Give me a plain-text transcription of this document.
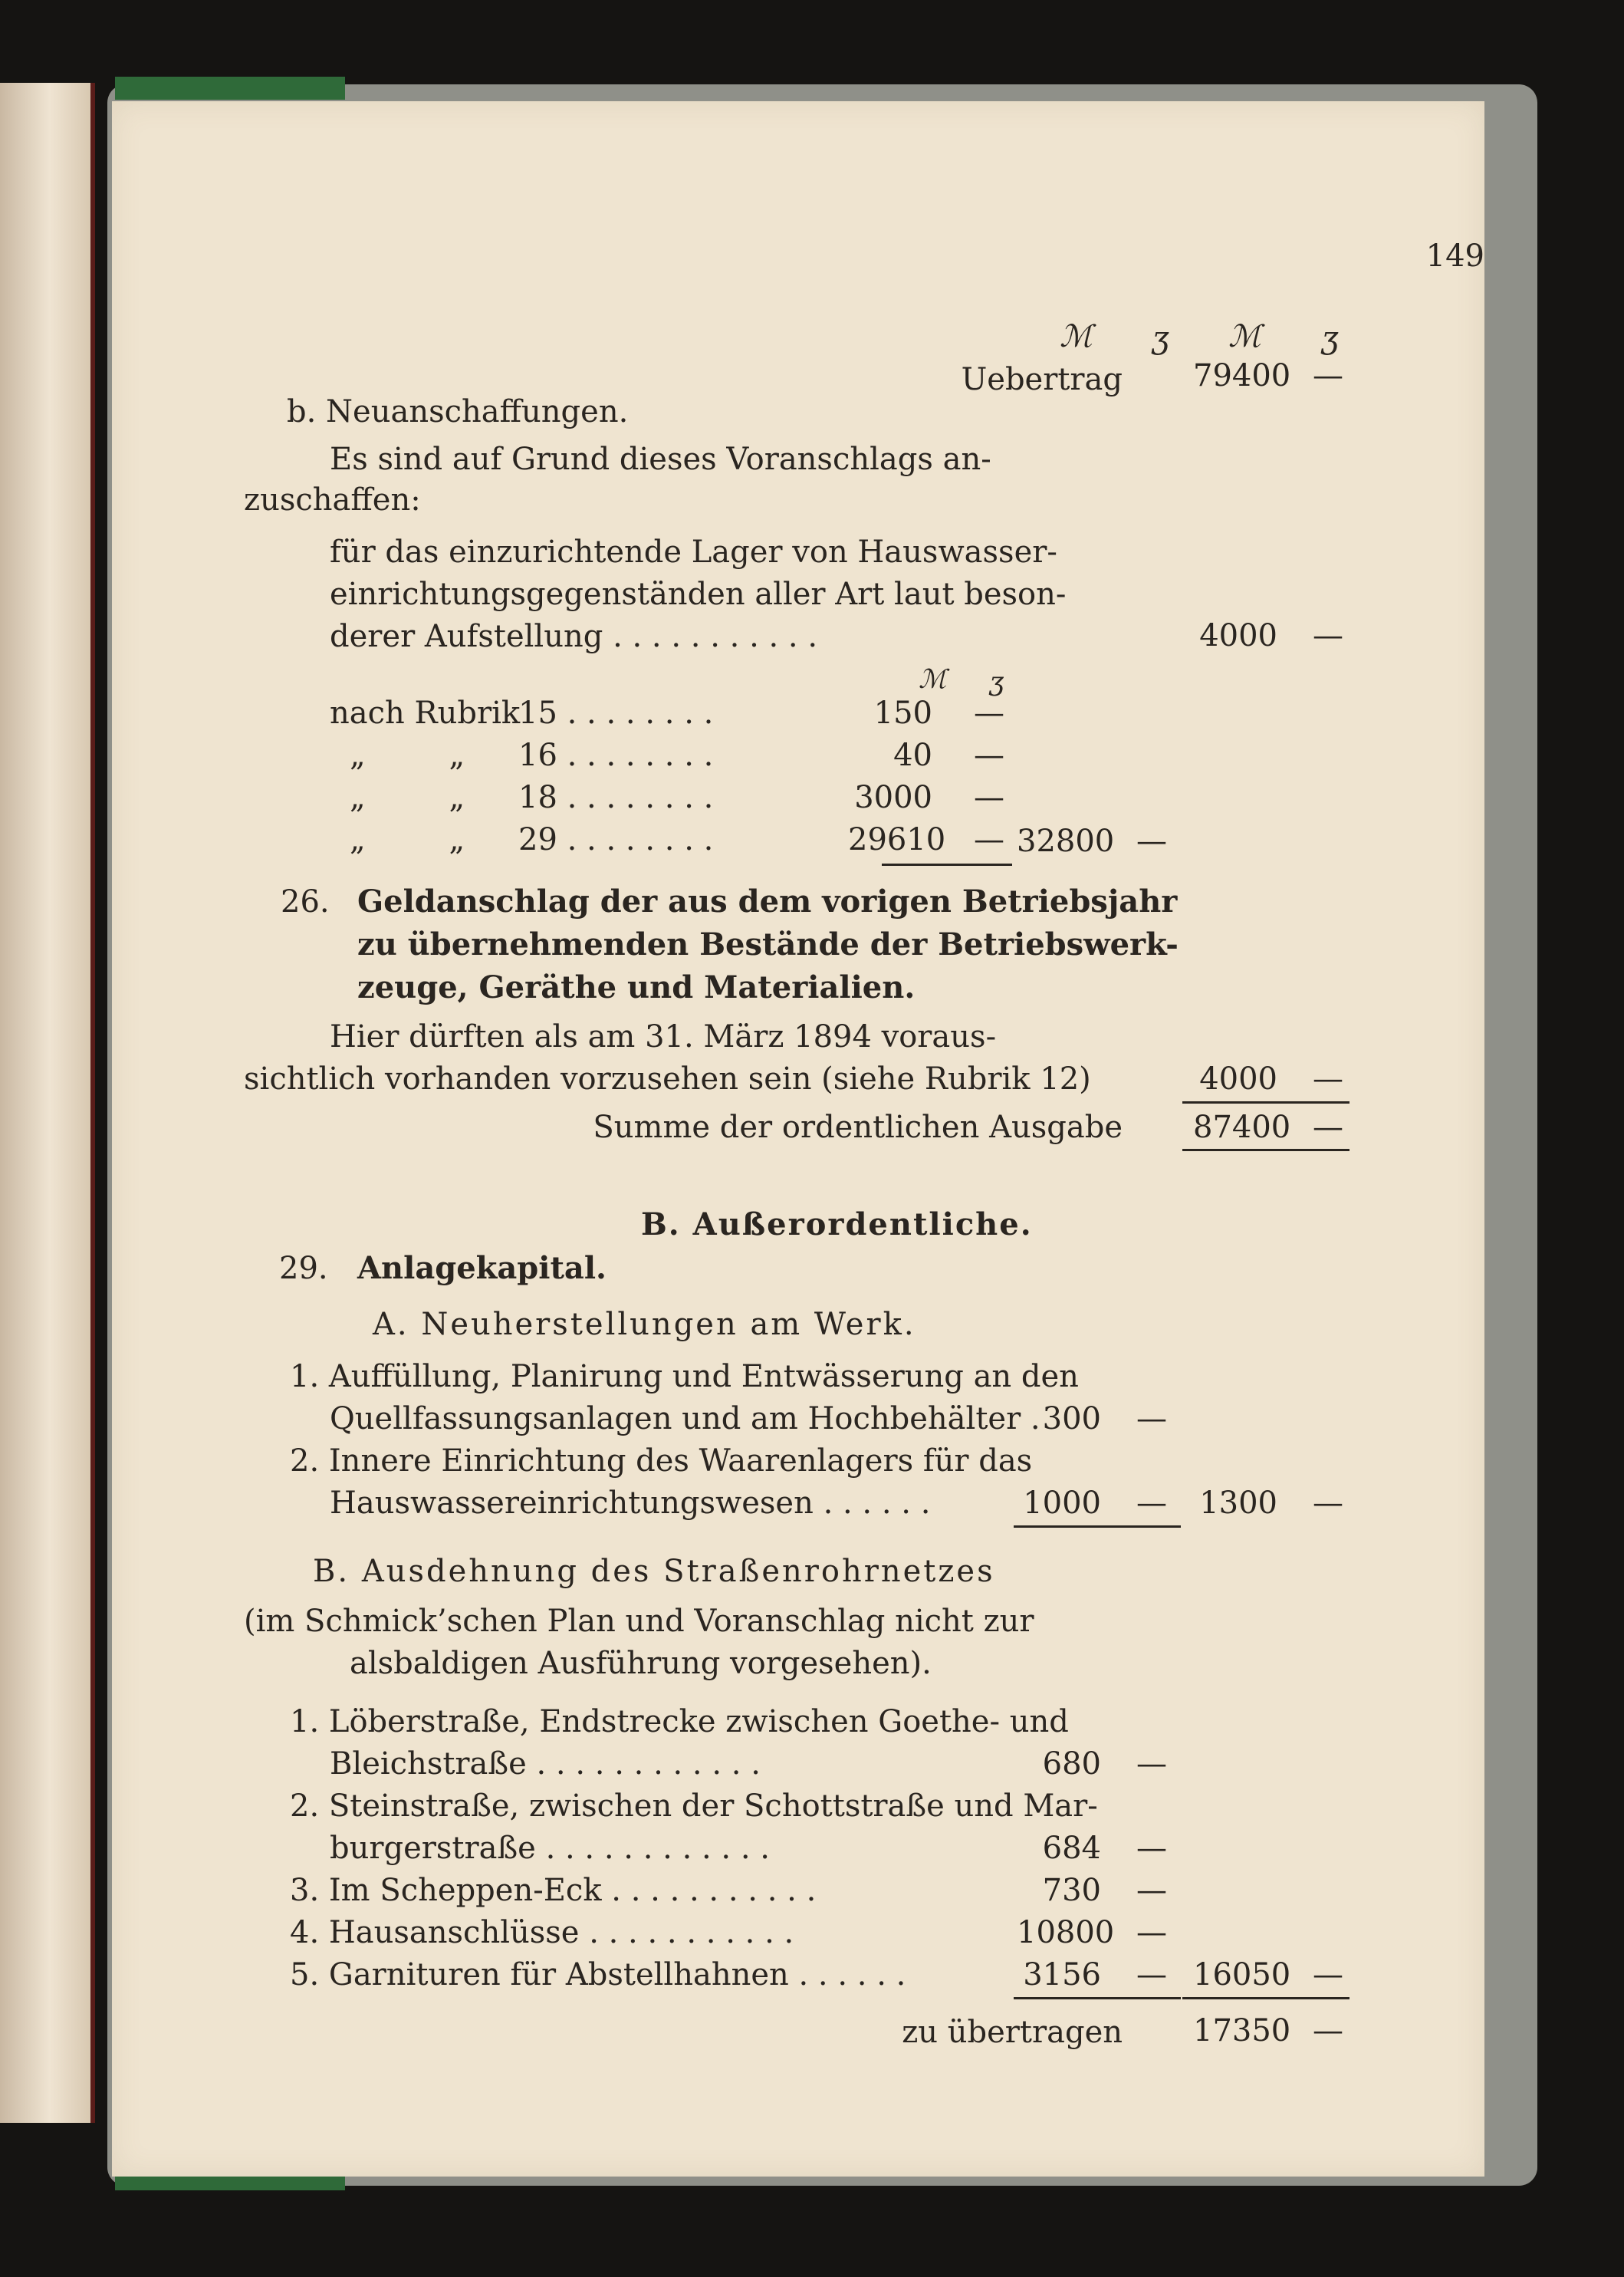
149
ℳ ʒ ℳ ʒ
Uebertrag 79400 —
b. Neuanschaffungen.
Es sind auf Grund dieses Voranschlags an-
zuschaffen:
für das einzurichtende Lager von Hauswasser-
einrichtungsgegenständen aller Art laut beson-
derer Aufstellung . . . . . . . . . . .	4000 —
ℳ ʒ
nach Rubrik
15 . . . . . . . .	150 —
„ „ 16 . . . . . . . .	40 —
„ „ 18 . . . . . . . .	3000 —
„ „ 29 . . . . . . . .	29610 — 32800 —
26. Geldanschlag der aus dem vorigen Betriebsjahr
zu übernehmenden Bestände der Betriebswerk-
zeuge, Geräthe und Materialien.
Hier dürften als am 31. März 1894 voraus-
sichtlich vorhanden vorzusehen sein (siehe Rubrik 12)	4000 —
Summe der ordentlichen Ausgabe 87400 —
B. Außerordentliche.
29. Anlagekapital.
A. Neuherstellungen am Werk.
1. Auffüllung, Planirung und Entwässerung an den
Quellfassungsanlagen und am Hochbehälter . 300 —
2. Innere Einrichtung des Waarenlagers für das
Hauswassereinrichtungswesen . . . . . .	1000 — 1300 —
B. Ausdehnung des Straßenrohrnetzes
(im Schmick’schen Plan und Voranschlag nicht zur
alsbaldigen Ausführung vorgesehen).
1. Löberstraße, Endstrecke zwischen Goethe- und
Bleichstraße . . . . . . . . . . . .	680 —
2. Steinstraße, zwischen der Schottstraße und Mar-
burgerstraße . . . . . . . . . . . .	684 —
3. Im Scheppen-Eck . . . . . . . . . . .	730 —
4. Hausanschlüsse . . . . . . . . . . .	10800 —
5. Garnituren für Abstellhahnen . . . . . .	3156 — 16050 —
zu übertragen 17350 —
